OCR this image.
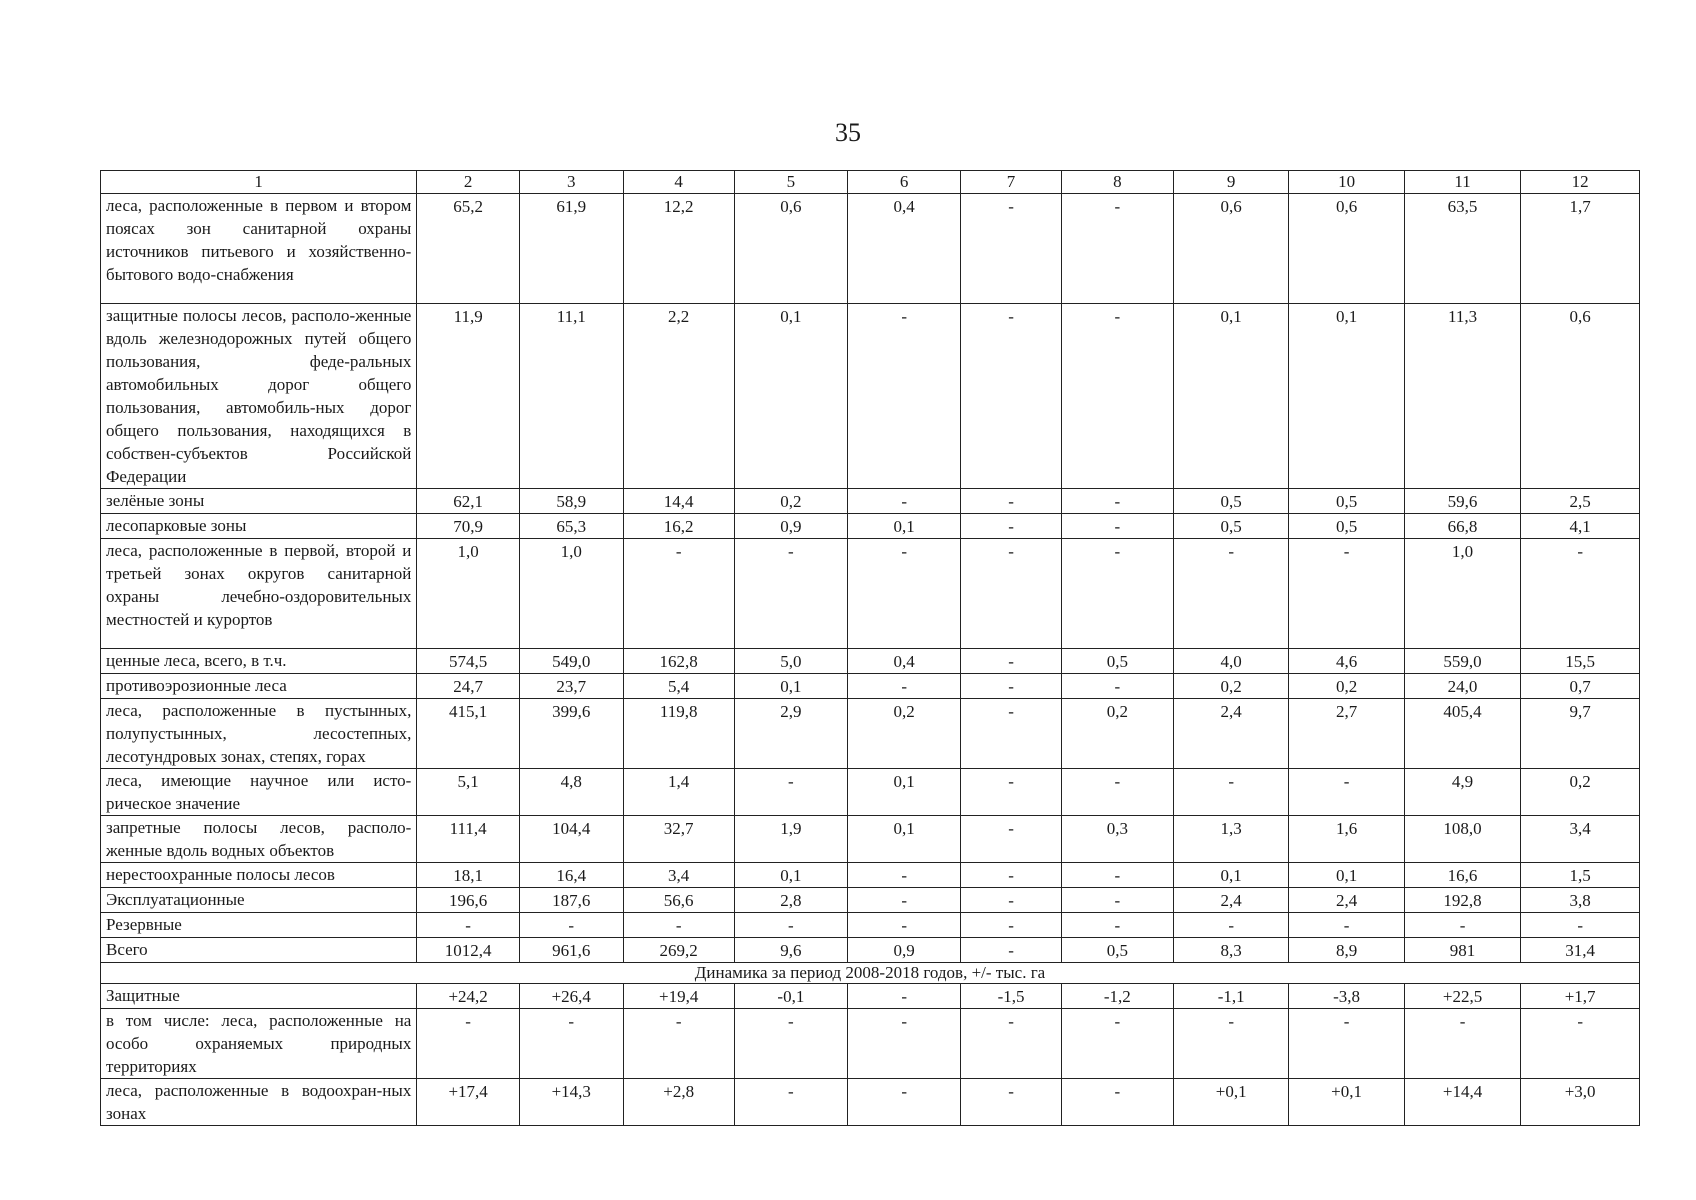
35
1	2	3	4	5	6	7	8	9	10	11	12
леса, расположенные в первом и втором поясах зон санитарной охраны источников питьевого и хозяйственно-бытового водо-снабжения	65,2	61,9	12,2	0,6	0,4	-	-	0,6	0,6	63,5	1,7
защитные полосы лесов, располо-женные вдоль железнодорожных путей общего пользования, феде-ральных автомобильных дорог общего пользования, автомобиль-ных дорог общего пользования, находящихся в собствен-субъектов Российской Федерации	11,9	11,1	2,2	0,1	-	-	-	0,1	0,1	11,3	0,6
зелёные зоны	62,1	58,9	14,4	0,2	-	-	-	0,5	0,5	59,6	2,5
лесопарковые зоны	70,9	65,3	16,2	0,9	0,1	-	-	0,5	0,5	66,8	4,1
леса, расположенные в первой, второй и третьей зонах округов санитарной охраны лечебно-оздоровительных местностей и курортов	1,0	1,0	-	-	-	-	-	-	-	1,0	-
ценные леса, всего, в т.ч.	574,5	549,0	162,8	5,0	0,4	-	0,5	4,0	4,6	559,0	15,5
противоэрозионные леса	24,7	23,7	5,4	0,1	-	-	-	0,2	0,2	24,0	0,7
леса, расположенные в пустынных, полупустынных, лесостепных, лесотундровых зонах, степях, горах	415,1	399,6	119,8	2,9	0,2	-	0,2	2,4	2,7	405,4	9,7
леса, имеющие научное или исто-рическое значение	5,1	4,8	1,4	-	0,1	-	-	-	-	4,9	0,2
запретные полосы лесов, располо-женные вдоль водных объектов	111,4	104,4	32,7	1,9	0,1	-	0,3	1,3	1,6	108,0	3,4
нерестоохранные полосы лесов	18,1	16,4	3,4	0,1	-	-	-	0,1	0,1	16,6	1,5
Эксплуатационные	196,6	187,6	56,6	2,8	-	-	-	2,4	2,4	192,8	3,8
Резервные	-	-	-	-	-	-	-	-	-	-	-
Всего	1012,4	961,6	269,2	9,6	0,9	-	0,5	8,3	8,9	981	31,4
Динамика за период 2008-2018 годов, +/- тыс. га											
Защитные	+24,2	+26,4	+19,4	-0,1	-	-1,5	-1,2	-1,1	-3,8	+22,5	+1,7
в том числе: леса, расположенные на особо охраняемых природных территориях	-	-	-	-	-	-	-	-	-	-	-
леса, расположенные в водоохран-ных зонах	+17,4	+14,3	+2,8	-	-	-	-	+0,1	+0,1	+14,4	+3,0
